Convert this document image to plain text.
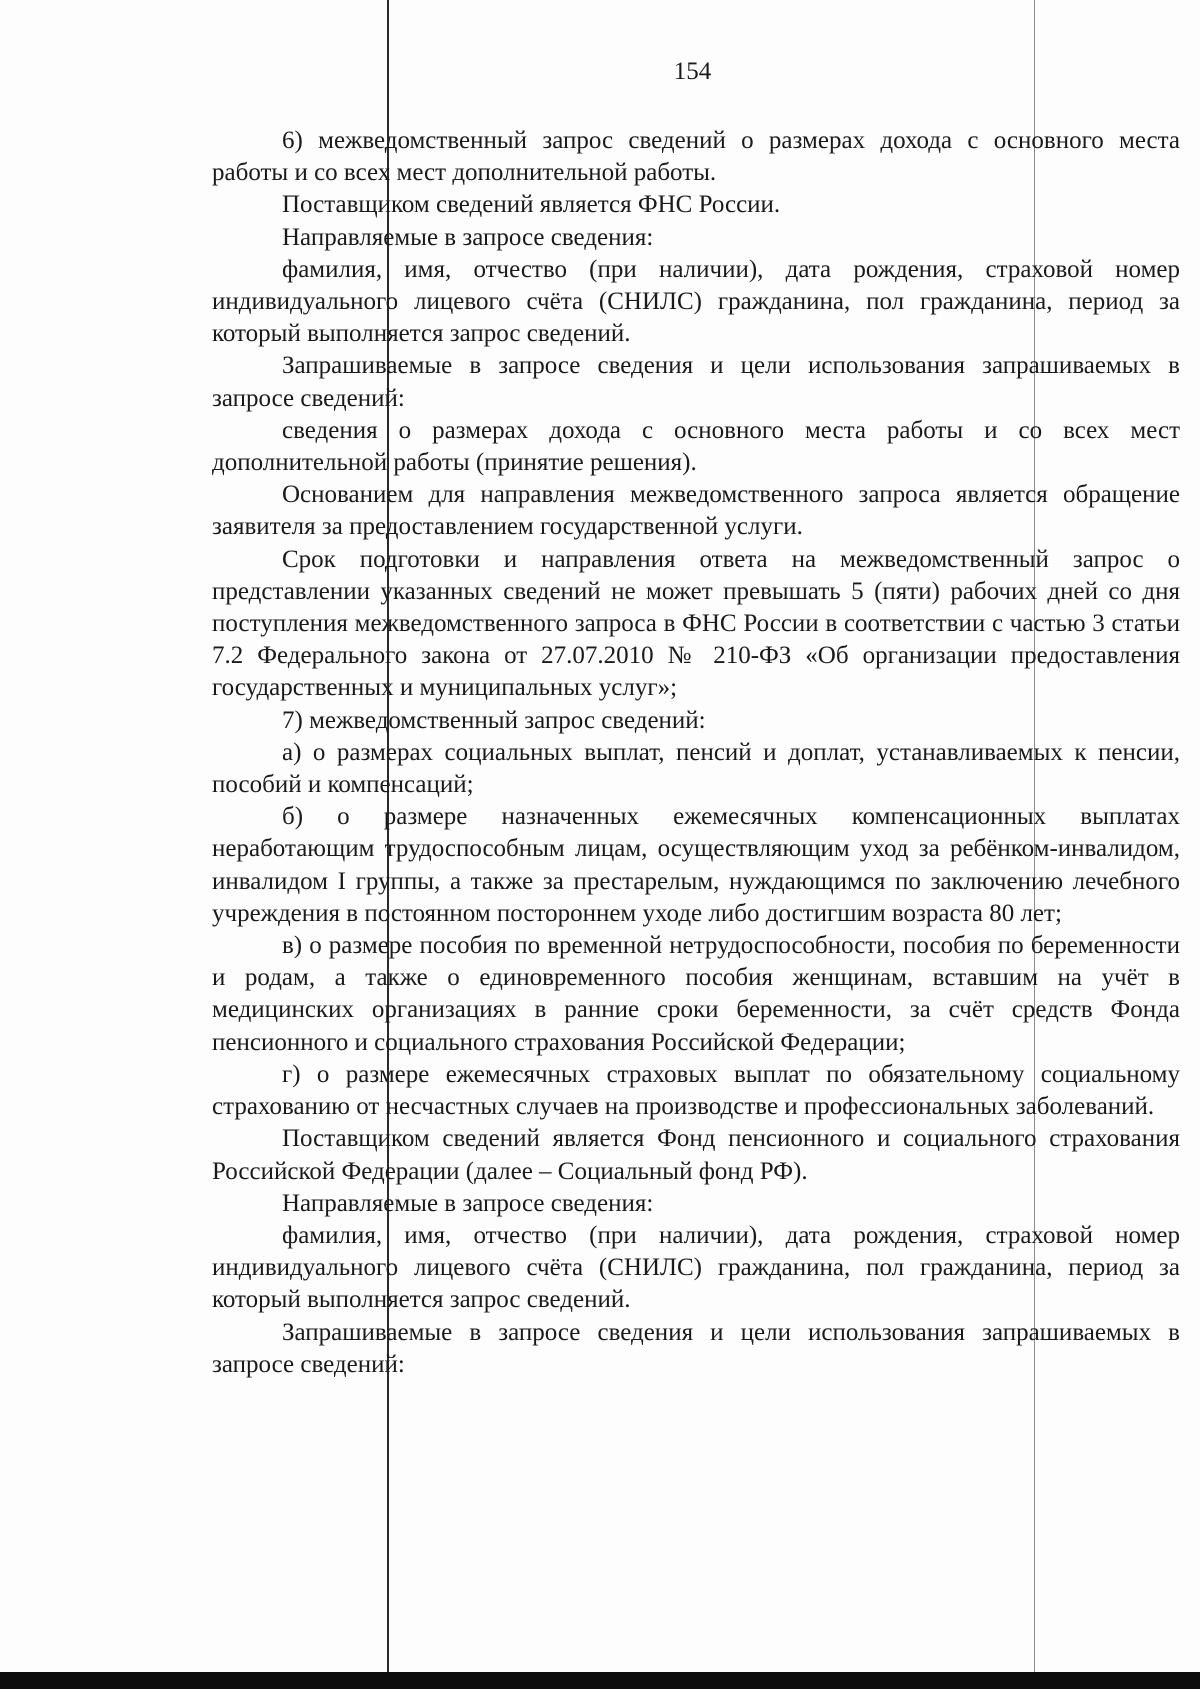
154

6) межведомственный запрос сведений о размерах дохода с основного места работы и со всех мест дополнительной работы.

Поставщиком сведений является ФНС России.

Направляемые в запросе сведения:

фамилия, имя, отчество (при наличии), дата рождения, страховой номер индивидуального лицевого счёта (СНИЛС) гражданина, пол гражданина, период за который выполняется запрос сведений.

Запрашиваемые в запросе сведения и цели использования запрашиваемых в запросе сведений:

сведения о размерах дохода с основного места работы и со всех мест дополнительной работы (принятие решения).

Основанием для направления межведомственного запроса является обращение заявителя за предоставлением государственной услуги.

Срок подготовки и направления ответа на межведомственный запрос о представлении указанных сведений не может превышать 5 (пяти) рабочих дней со дня поступления межведомственного запроса в ФНС России в соответствии с частью 3 статьи 7.2 Федерального закона от 27.07.2010 № 210-ФЗ «Об организации предоставления государственных и муниципальных услуг»;

7) межведомственный запрос сведений:

а) о размерах социальных выплат, пенсий и доплат, устанавливаемых к пенсии, пособий и компенсаций;

б) о размере назначенных ежемесячных компенсационных выплатах неработающим трудоспособным лицам, осуществляющим уход за ребёнком-инвалидом, инвалидом I группы, а также за престарелым, нуждающимся по заключению лечебного учреждения в постоянном постороннем уходе либо достигшим возраста 80 лет;

в) о размере пособия по временной нетрудоспособности, пособия по беременности и родам, а также о единовременного пособия женщинам, вставшим на учёт в медицинских организациях в ранние сроки беременности, за счёт средств Фонда пенсионного и социального страхования Российской Федерации;

г) о размере ежемесячных страховых выплат по обязательному социальному страхованию от несчастных случаев на производстве и профессиональных заболеваний.

Поставщиком сведений является Фонд пенсионного и социального страхования Российской Федерации (далее – Социальный фонд РФ).

Направляемые в запросе сведения:

фамилия, имя, отчество (при наличии), дата рождения, страховой номер индивидуального лицевого счёта (СНИЛС) гражданина, пол гражданина, период за который выполняется запрос сведений.

Запрашиваемые в запросе сведения и цели использования запрашиваемых в запросе сведений:
